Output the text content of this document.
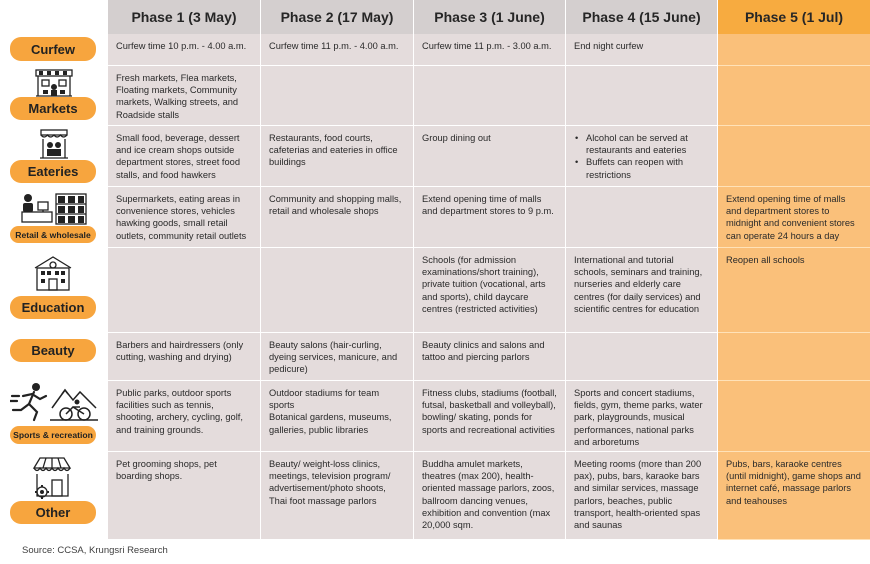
Phase 1 (3 May)	Phase 2 (17 May)	Phase 3 (1 June)	Phase 4 (15 June)	Phase 5 (1 Jul)
Curfew time 10 p.m. - 4.00 a.m.	Curfew time 11 p.m. - 4.00 a.m.	Curfew time 11 p.m. - 3.00 a.m.	End night curfew
Fresh markets, Flea markets, Floating markets, Community markets, Walking streets, and Roadside stalls
Small food, beverage, dessert and ice cream shops outside department stores, street food stalls, and food hawkers
Restaurants, food courts, cafeterias and eateries in office buildings
Group dining out
•	Alcohol can be served at restaurants and eateries
• Buffets can reopen with restrictions
Supermarkets, eating areas in convenience stores, vehicles hawking goods, small retail outlets, community retail outlets
Community and shopping malls, retail and wholesale shops
Extend opening time of malls and department stores to 9 p.m.
Extend opening time of malls and department stores to midnight and convenient stores can operate 24 hours a day
Schools (for admission examinations/short training), private tuition (vocational, arts and sports), child daycare centres (restricted activities)
International and tutorial schools, seminars and training, nurseries and elderly care centres (for daily services) and scientific centres for education
Reopen all schools
Barbers and hairdressers (only cutting, washing and drying)
Beauty salons (hair-curling, dyeing services, manicure, and pedicure)
Beauty clinics and salons and tattoo and piercing parlors
Public parks, outdoor sports facilities such as tennis, shooting, archery, cycling, golf, and training grounds.
Outdoor stadiums for team sports
Botanical gardens, museums, galleries, public libraries
Fitness clubs, stadiums (football, futsal, basketball and volleyball), bowling/ skating, ponds for sports and recreational activities
Sports and concert stadiums, fields, gym, theme parks, water park, playgrounds, musical performances, national parks and arboretums
Pet grooming shops, pet boarding shops.
Beauty/ weight-loss clinics, meetings, television program/ advertisement/photo shoots, Thai foot massage parlors
Buddha amulet markets, theatres (max 200), health-oriented massage parlors, zoos, ballroom dancing venues, exhibition and convention (max 20,000 sqm.
Meeting rooms (more than 200 pax), pubs, bars, karaoke bars and similar services, massage parlors, beaches, public transport, health-oriented spas and saunas
Pubs, bars, karaoke centres (until midnight), game shops and internet café, massage parlors and teahouses
Curfew
Markets
Eateries
Retail & wholesale
Education
Beauty
Sports & recreation
Other
Source: CCSA, Krungsri Research
